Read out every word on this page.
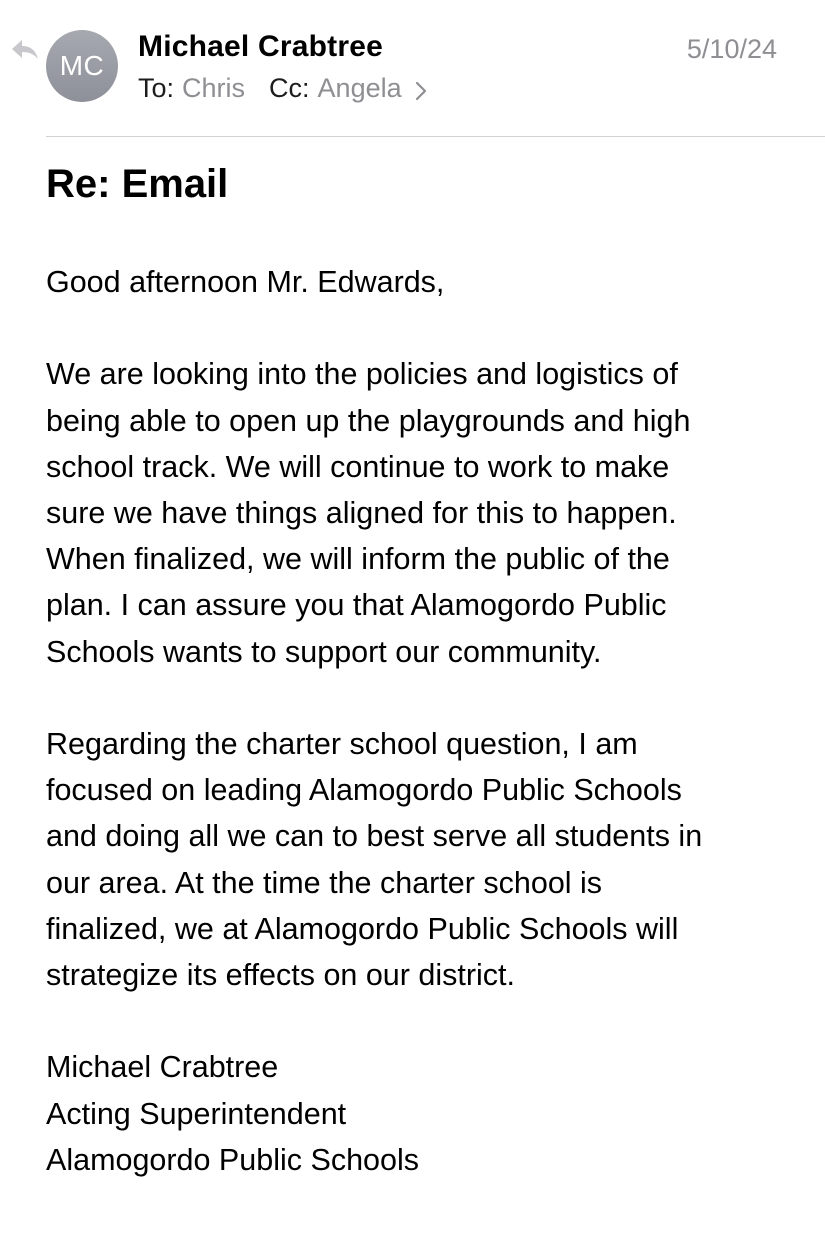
MC
Michael Crabtree	5/10/24
To: Chris Cc: Angela
Re: Email
Good afternoon Mr. Edwards,
We are looking into the policies and logistics of
being able to open up the playgrounds and high
school track. We will continue to work to make
sure we have things aligned for this to happen.
When finalized, we will inform the public of the
plan. I can assure you that Alamogordo Public
Schools wants to support our community.
Regarding the charter school question, I am
focused on leading Alamogordo Public Schools
and doing all we can to best serve all students in
our area. At the time the charter school is
finalized, we at Alamogordo Public Schools will
strategize its effects on our district.
Michael Crabtree
Acting Superintendent
Alamogordo Public Schools
